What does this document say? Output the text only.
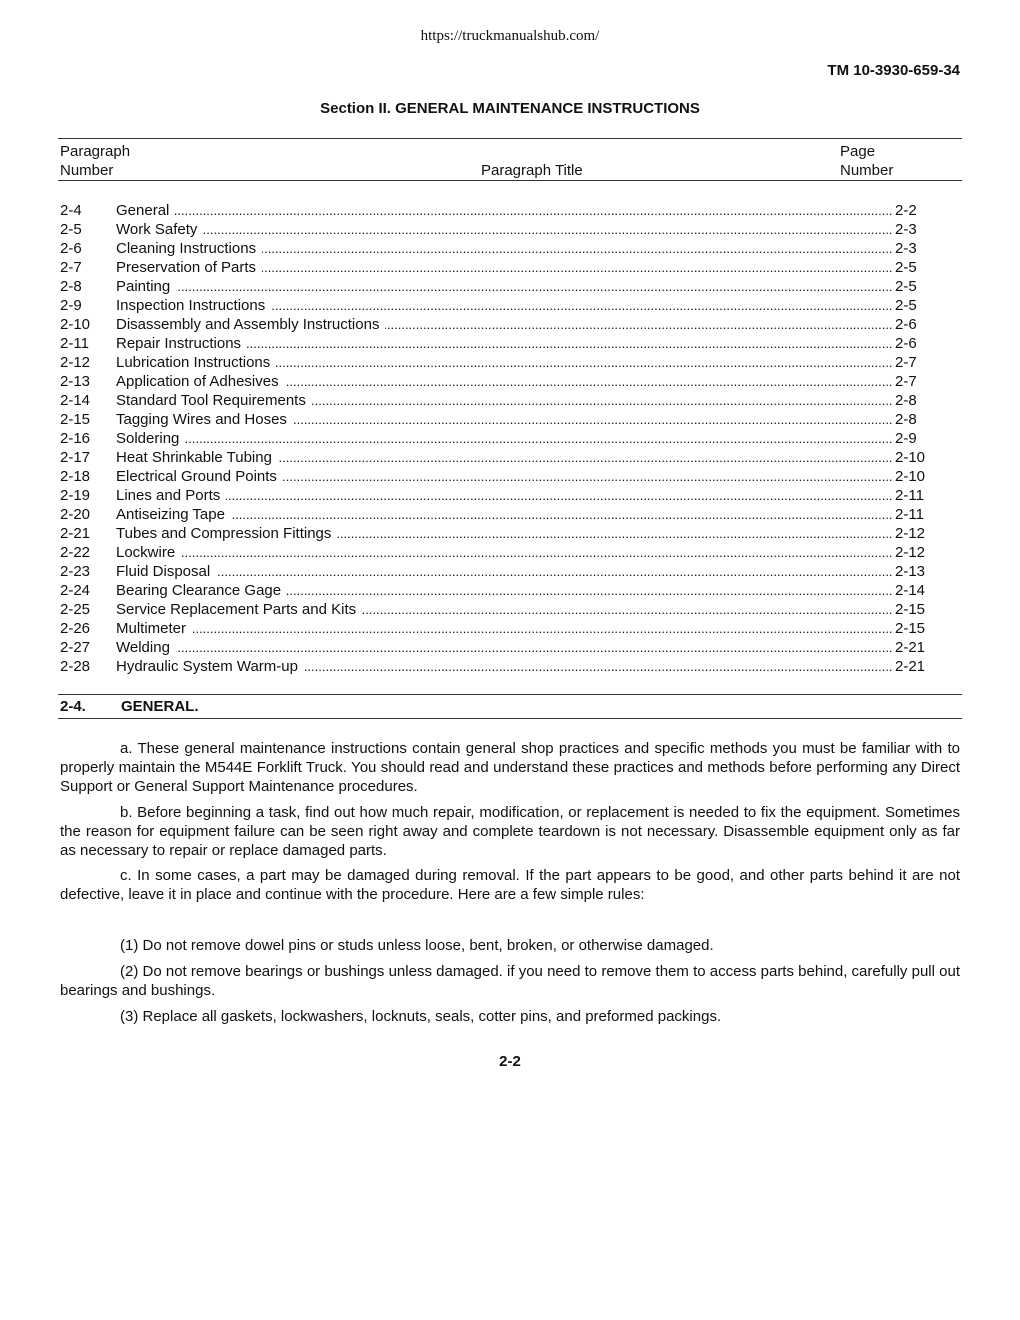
https://truckmanualshub.com/
TM 10-3930-659-34
Section II. GENERAL MAINTENANCE INSTRUCTIONS
Paragraph
Number	Paragraph Title
Page
Number
2-4 General .....	2-2
2-5 Work Safety .....	2-3
2-6 Cleaning Instructions .....	2-3
2-7 Preservation of Parts .....	2-5
2-8 Painting .....	2-5
2-9 Inspection Instructions .....	2-5
2-10 Disassembly and Assembly Instructions .....	2-6
2-11 Repair Instructions .....	2-6
2-12 Lubrication Instructions .....	2-7
2-13 Application of Adhesives .....	2-7
2-14 Standard Tool Requirements .....	2-8
2-15 Tagging Wires and Hoses .....	2-8
2-16 Soldering .....	2-9
2-17 Heat Shrinkable Tubing .....	2-10
2-18 Electrical Ground Points .....	2-10
2-19 Lines and Ports .....	2-11
2-20 Antiseizing Tape .....	2-11
2-21 Tubes and Compression Fittings .....	2-12
2-22 Lockwire .....	2-12
2-23 Fluid Disposal .....	2-13
2-24 Bearing Clearance Gage .....	2-14
2-25 Service Replacement Parts and Kits .....	2-15
2-26 Multimeter .....	2-15
2-27 Welding .....	2-21
2-28 Hydraulic System Warm-up .....	2-21
2-4. GENERAL.

a. These general maintenance instructions contain general shop practices and specific methods you must be familiar with to properly maintain the M544E Forklift Truck. You should read and understand these practices and methods before performing any Direct Support or General Support Maintenance procedures.

b. Before beginning a task, find out how much repair, modification, or replacement is needed to fix the equipment. Sometimes the reason for equipment failure can be seen right away and complete teardown is not necessary. Disassemble equipment only as far as necessary to repair or replace damaged parts.

c. In some cases, a part may be damaged during removal. If the part appears to be good, and other parts behind it are not defective, leave it in place and continue with the procedure. Here are a few simple rules:

(1) Do not remove dowel pins or studs unless loose, bent, broken, or otherwise damaged.

(2) Do not remove bearings or bushings unless damaged. if you need to remove them to access parts behind, carefully pull out bearings and bushings.

(3) Replace all gaskets, lockwashers, locknuts, seals, cotter pins, and preformed packings.

2-2
